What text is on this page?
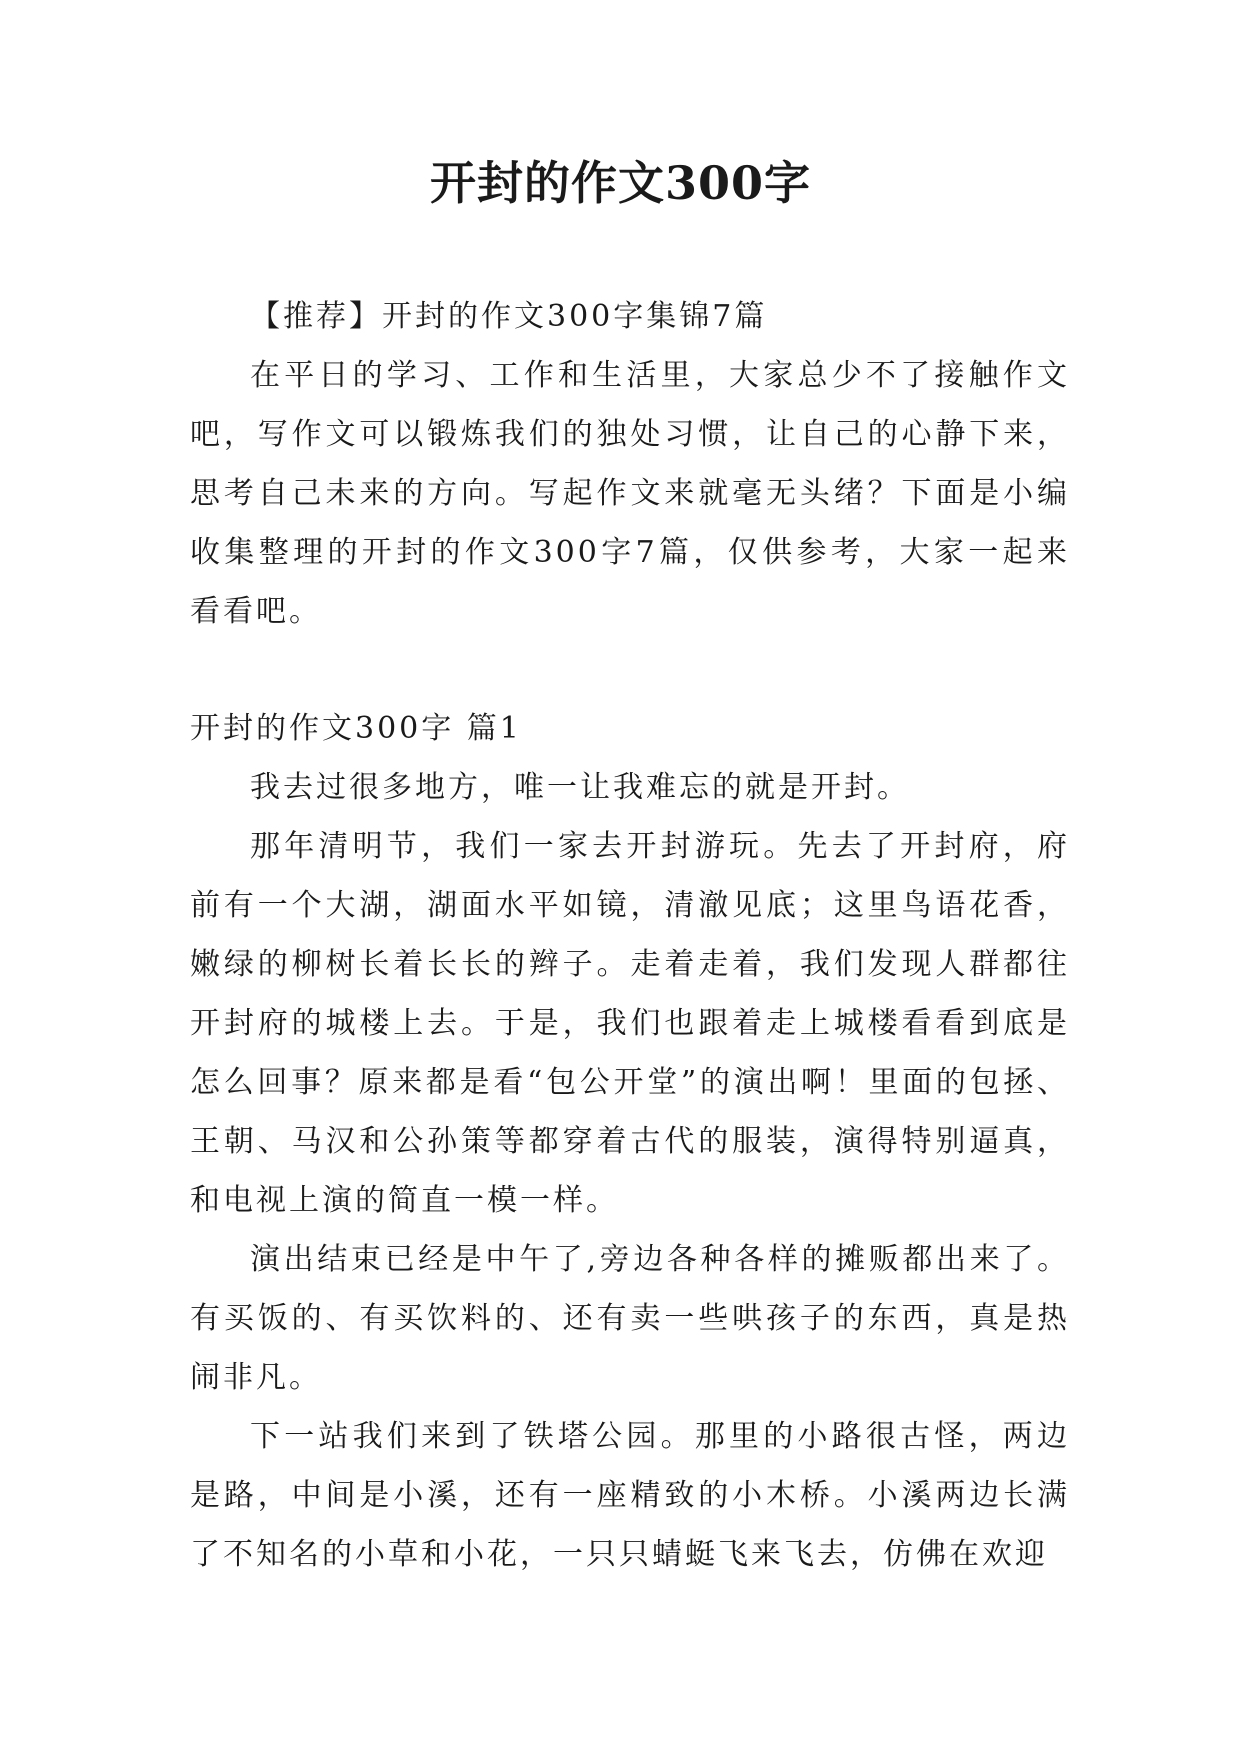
开封的作文300字

【推荐】开封的作文300字集锦7篇

在平日的学习、工作和生活里，大家总少不了接触作文吧，写作文可以锻炼我们的独处习惯，让自己的心静下来，思考自己未来的方向。写起作文来就毫无头绪？下面是小编收集整理的开封的作文300字7篇，仅供参考，大家一起来看看吧。

开封的作文300字 篇1

我去过很多地方，唯一让我难忘的就是开封。

那年清明节，我们一家去开封游玩。先去了开封府，府前有一个大湖，湖面水平如镜，清澈见底；这里鸟语花香，嫩绿的柳树长着长长的辫子。走着走着，我们发现人群都往开封府的城楼上去。于是，我们也跟着走上城楼看看到底是怎么回事？原来都是看“包公开堂”的演出啊！里面的包拯、王朝、马汉和公孙策等都穿着古代的服装，演得特别逼真，和电视上演的简直一模一样。

演出结束已经是中午了,旁边各种各样的摊贩都出来了。有买饭的、有买饮料的、还有卖一些哄孩子的东西，真是热闹非凡。

下一站我们来到了铁塔公园。那里的小路很古怪，两边是路，中间是小溪，还有一座精致的小木桥。小溪两边长满了不知名的小草和小花，一只只蜻蜓飞来飞去，仿佛在欢迎
